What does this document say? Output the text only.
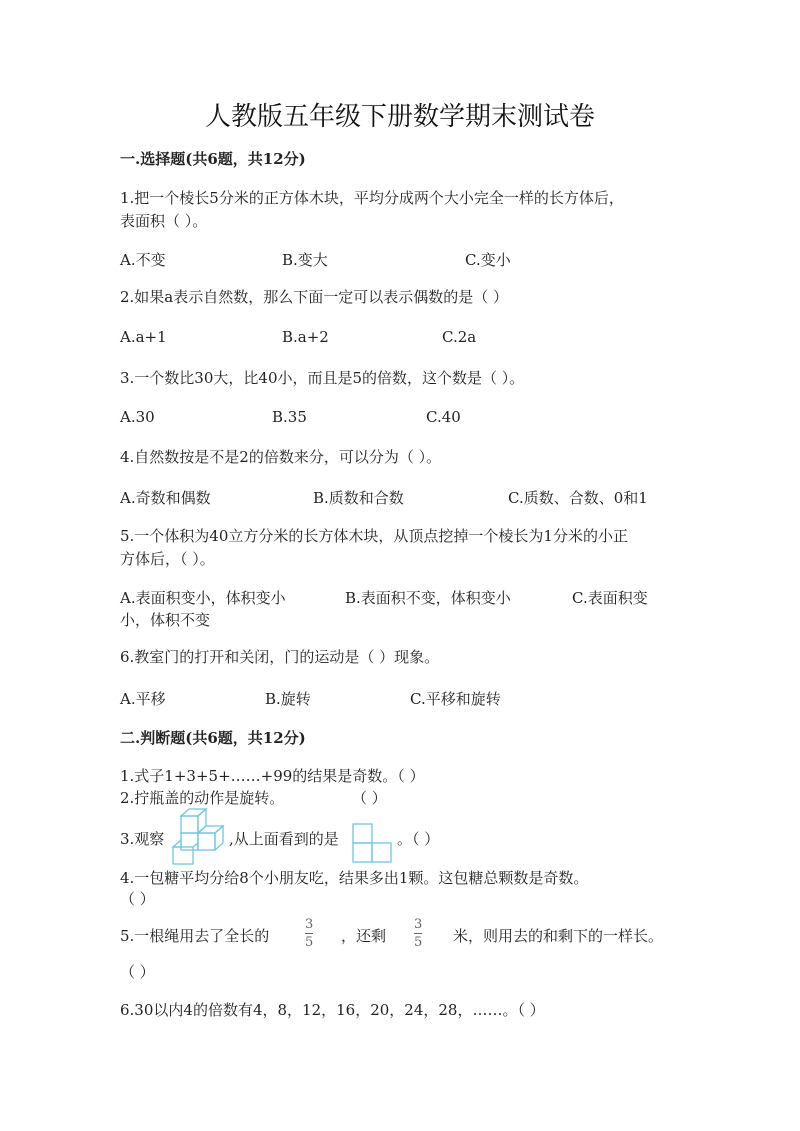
人教版五年级下册数学期末测试卷
一.选择题(共6题，共12分)
1.把一个棱长5分米的正方体木块，平均分成两个大小完全一样的长方体后，
表面积（ ）。
A.不变	B.变大	C.变小
2.如果a表示自然数，那么下面一定可以表示偶数的是（ ）
A.a+1	B.a+2	C.2a
3.一个数比30大，比40小，而且是5的倍数，这个数是（ ）。
A.30	B.35	C.40
4.自然数按是不是2的倍数来分，可以分为（ ）。
A.奇数和偶数	B.质数和合数	C.质数、合数、0和1
5.一个体积为40立方分米的长方体木块，从顶点挖掉一个棱长为1分米的小正
方体后，（ ）。
A.表面积变小，体积变小	B.表面积不变，体积变小	C.表面积变
小，体积不变
6.教室门的打开和关闭，门的运动是（ ）现象。
A.平移	B.旋转	C.平移和旋转
二.判断题(共6题，共12分)
1.式子1+3+5+……+99的结果是奇数。（ ）
2.拧瓶盖的动作是旋转。	（ ）
3.观察	,从上面看到的是	。（ ）
4.一包糖平均分给8个小朋友吃，结果多出1颗。这包糖总颗数是奇数。
（ ）
5.一根绳用去了全长的
3
5 ，还剩
3
5 米，则用去的和剩下的一样长。
（ ）
6.30以内4的倍数有4，8，12，16，20，24，28，……。（ ）
